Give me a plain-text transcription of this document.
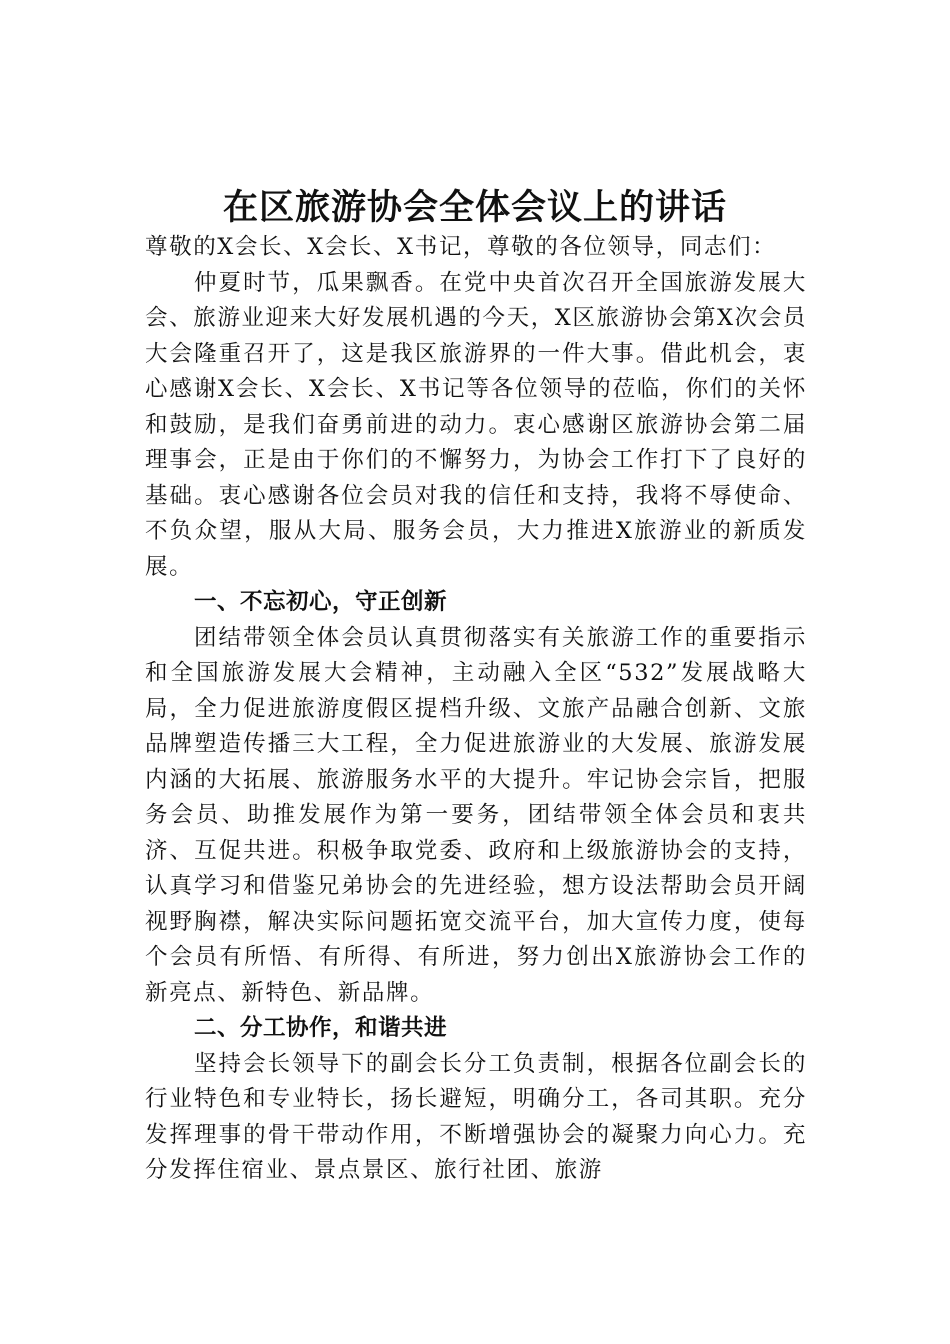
在区旅游协会全体会议上的讲话

尊敬的X会长、X会长、X书记，尊敬的各位领导，同志们：

仲夏时节，瓜果飘香。在党中央首次召开全国旅游发展大会、旅游业迎来大好发展机遇的今天，X区旅游协会第X次会员大会隆重召开了，这是我区旅游界的一件大事。借此机会，衷心感谢X会长、X会长、X书记等各位领导的莅临，你们的关怀和鼓励，是我们奋勇前进的动力。衷心感谢区旅游协会第二届理事会，正是由于你们的不懈努力，为协会工作打下了良好的基础。衷心感谢各位会员对我的信任和支持，我将不辱使命、不负众望，服从大局、服务会员，大力推进X旅游业的新质发展。

一、不忘初心，守正创新

团结带领全体会员认真贯彻落实有关旅游工作的重要指示和全国旅游发展大会精神，主动融入全区“532”发展战略大局，全力促进旅游度假区提档升级、文旅产品融合创新、文旅品牌塑造传播三大工程，全力促进旅游业的大发展、旅游发展内涵的大拓展、旅游服务水平的大提升。牢记协会宗旨，把服务会员、助推发展作为第一要务，团结带领全体会员和衷共济、互促共进。积极争取党委、政府和上级旅游协会的支持，认真学习和借鉴兄弟协会的先进经验，想方设法帮助会员开阔视野胸襟，解决实际问题拓宽交流平台，加大宣传力度，使每个会员有所悟、有所得、有所进，努力创出X旅游协会工作的新亮点、新特色、新品牌。

二、分工协作，和谐共进

坚持会长领导下的副会长分工负责制，根据各位副会长的行业特色和专业特长，扬长避短，明确分工，各司其职。充分发挥理事的骨干带动作用，不断增强协会的凝聚力向心力。充分发挥住宿业、景点景区、旅行社团、旅游
